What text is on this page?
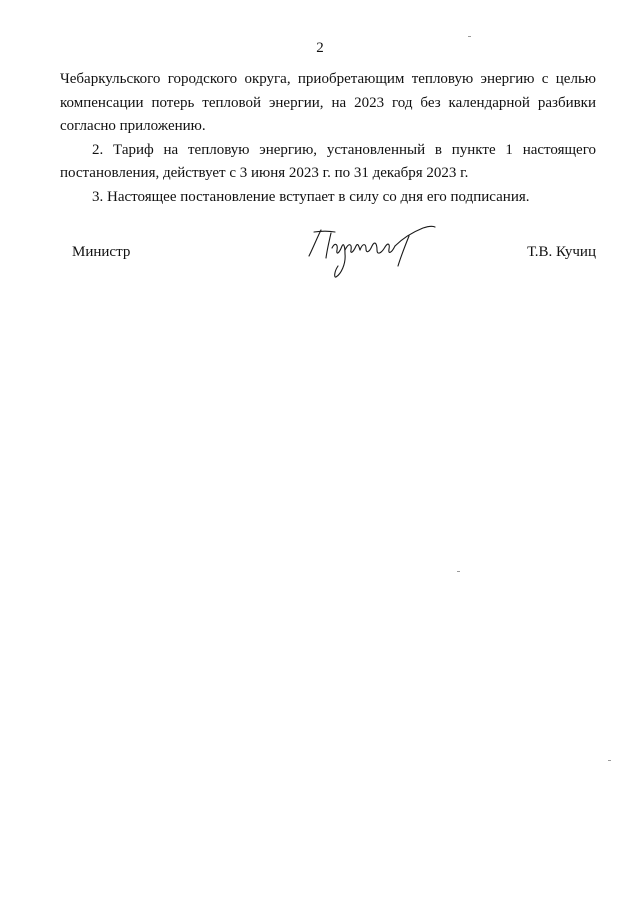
2

Чебаркульского городского округа, приобретающим тепловую энергию с целью компенсации потерь тепловой энергии, на 2023 год без календарной разбивки согласно приложению.

2. Тариф на тепловую энергию, установленный в пункте 1 настоящего постановления, действует с 3 июня 2023 г. по 31 декабря 2023 г.

3. Настоящее постановление вступает в силу со дня его подписания.

Министр	Т.В. Кучиц
